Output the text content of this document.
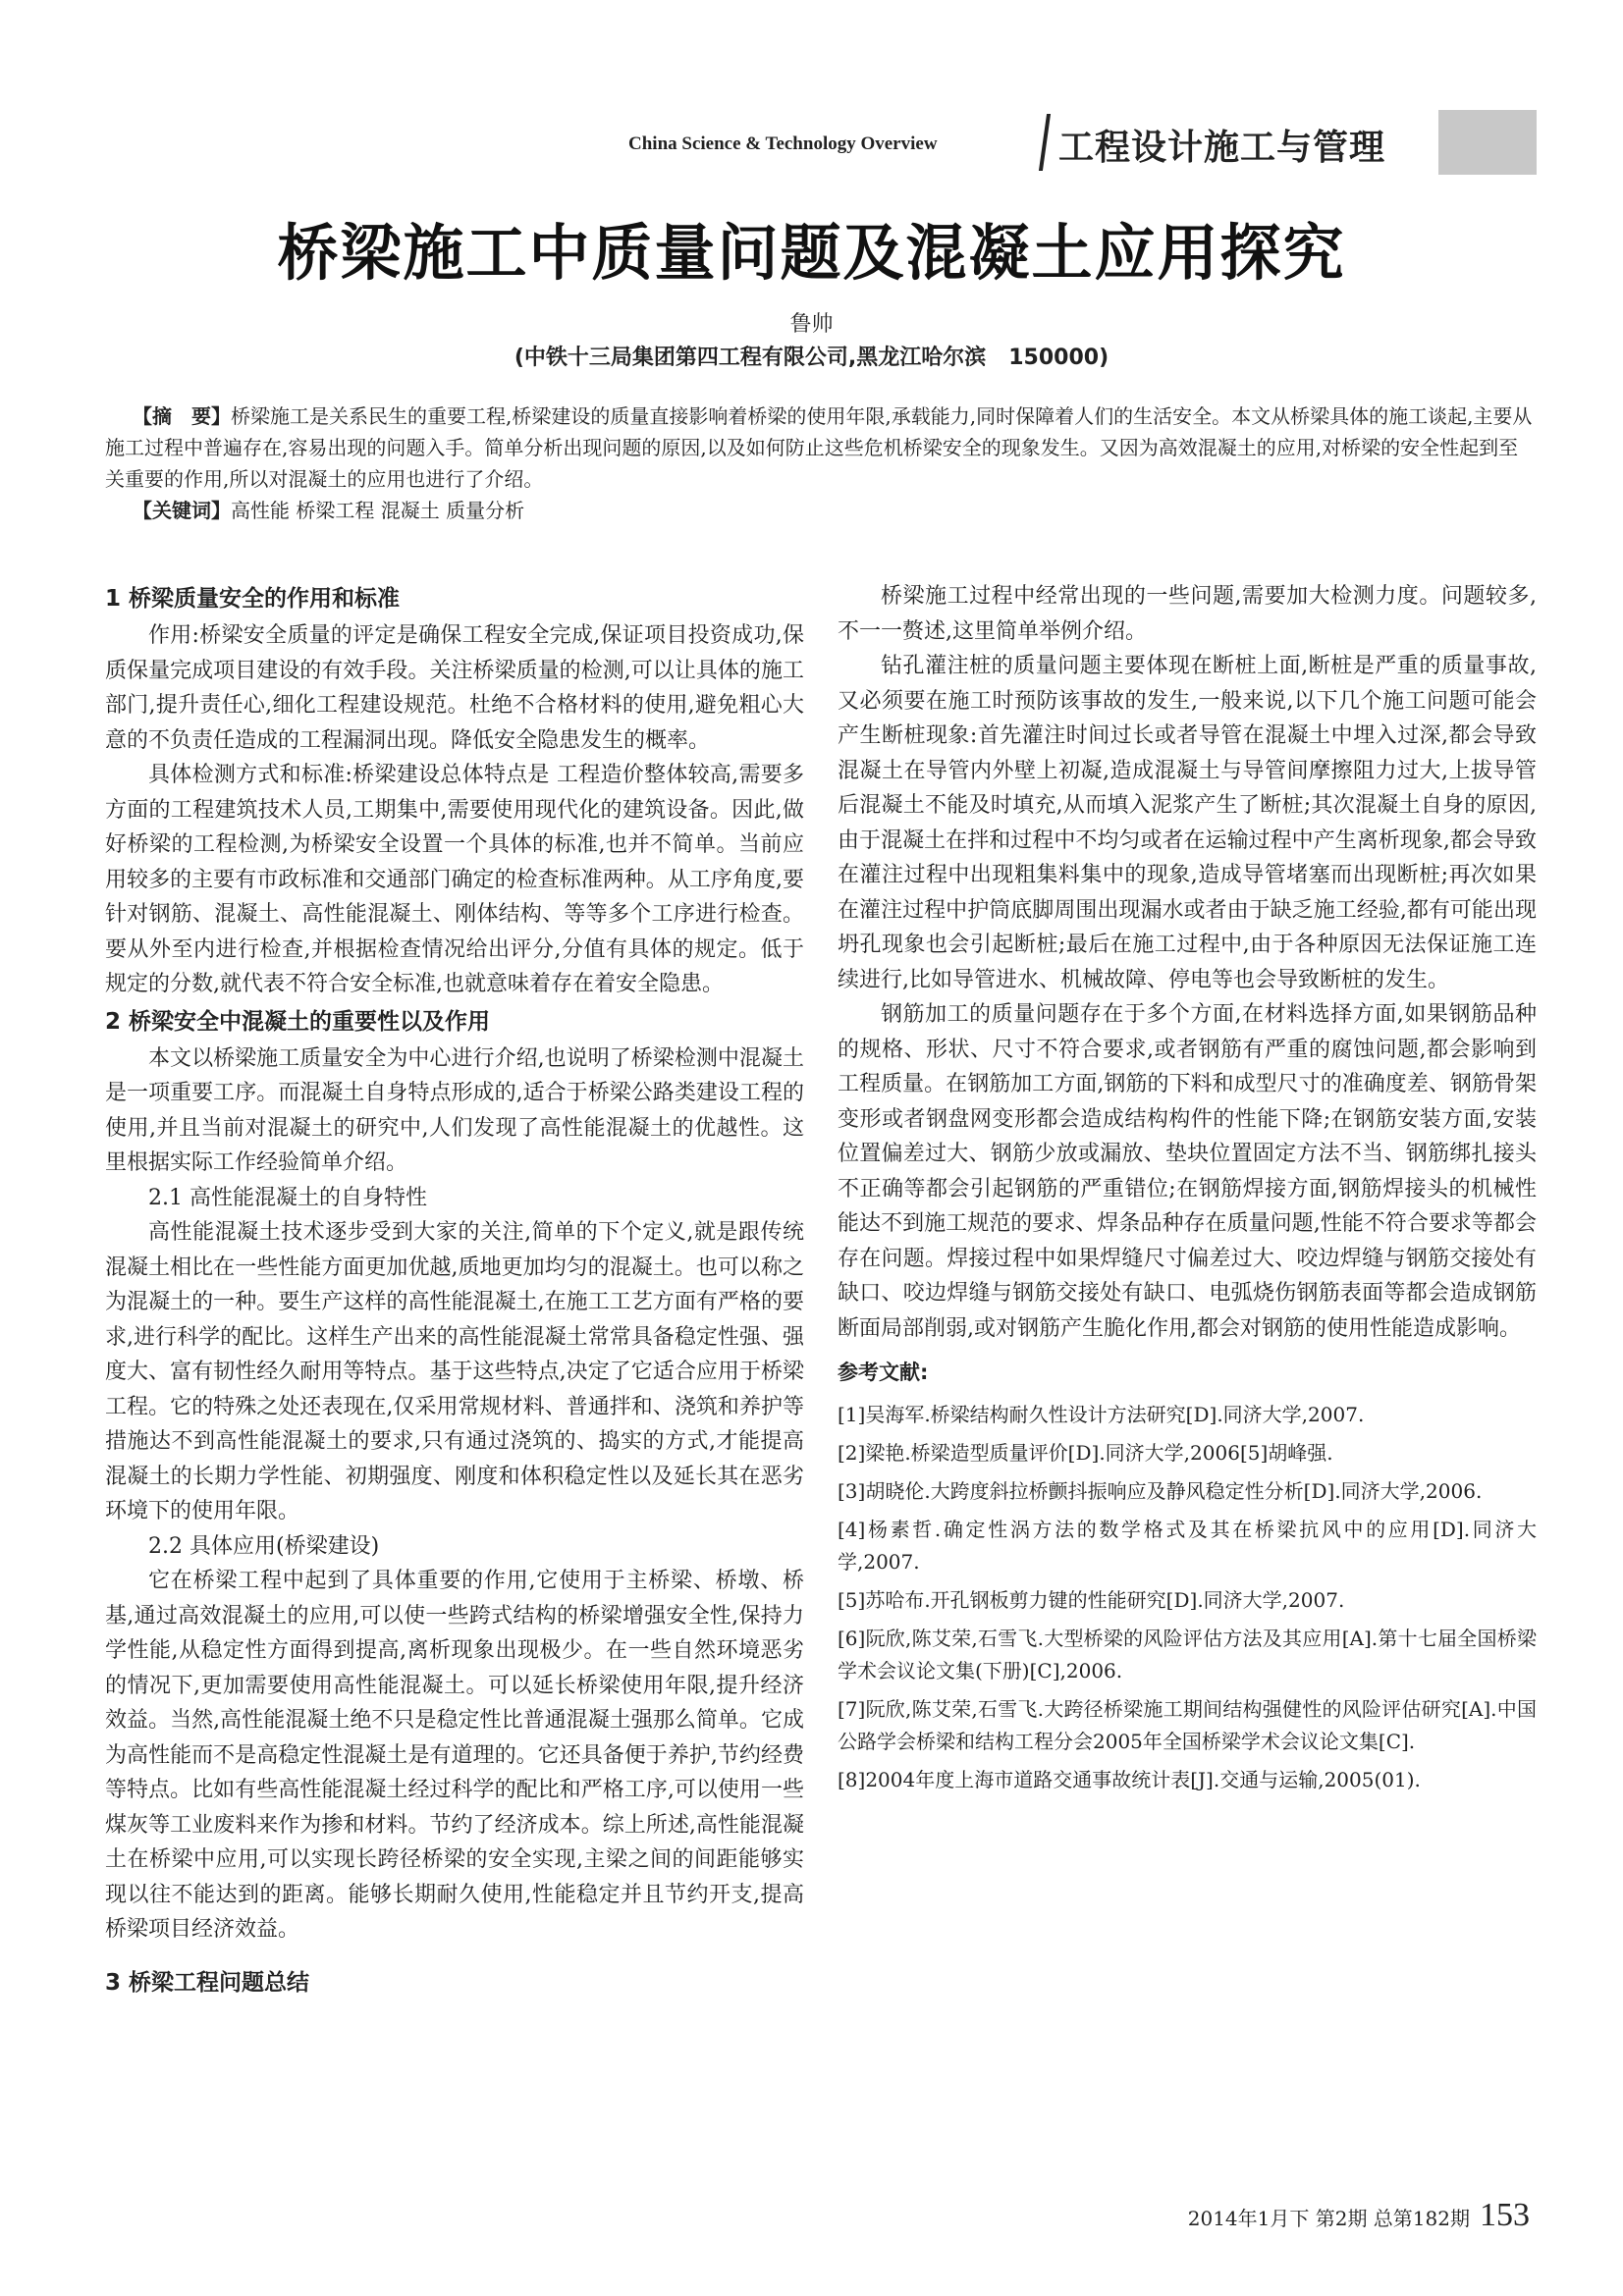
China Science & Technology Overview	工程设计施工与管理
桥梁施工中质量问题及混凝土应用探究
鲁帅
(中铁十三局集团第四工程有限公司,黑龙江哈尔滨   150000)

【摘　要】桥梁施工是关系民生的重要工程,桥梁建设的质量直接影响着桥梁的使用年限,承载能力,同时保障着人们的生活安全。本文从桥梁具体的施工谈起,主要从施工过程中普遍存在,容易出现的问题入手。简单分析出现问题的原因,以及如何防止这些危机桥梁安全的现象发生。又因为高效混凝土的应用,对桥梁的安全性起到至关重要的作用,所以对混凝土的应用也进行了介绍。

【关键词】高性能 桥梁工程 混凝土 质量分析

1 桥梁质量安全的作用和标准

作用:桥梁安全质量的评定是确保工程安全完成,保证项目投资成功,保质保量完成项目建设的有效手段。关注桥梁质量的检测,可以让具体的施工部门,提升责任心,细化工程建设规范。杜绝不合格材料的使用,避免粗心大意的不负责任造成的工程漏洞出现。降低安全隐患发生的概率。

具体检测方式和标准:桥梁建设总体特点是 工程造价整体较高,需要多方面的工程建筑技术人员,工期集中,需要使用现代化的建筑设备。因此,做好桥梁的工程检测,为桥梁安全设置一个具体的标准,也并不简单。当前应用较多的主要有市政标准和交通部门确定的检查标准两种。从工序角度,要针对钢筋、混凝土、高性能混凝土、刚体结构、等等多个工序进行检查。要从外至内进行检查,并根据检查情况给出评分,分值有具体的规定。低于规定的分数,就代表不符合安全标准,也就意味着存在着安全隐患。

2 桥梁安全中混凝土的重要性以及作用

本文以桥梁施工质量安全为中心进行介绍,也说明了桥梁检测中混凝土是一项重要工序。而混凝土自身特点形成的,适合于桥梁公路类建设工程的使用,并且当前对混凝土的研究中,人们发现了高性能混凝土的优越性。这里根据实际工作经验简单介绍。

2.1 高性能混凝土的自身特性

高性能混凝土技术逐步受到大家的关注,简单的下个定义,就是跟传统混凝土相比在一些性能方面更加优越,质地更加均匀的混凝土。也可以称之为混凝土的一种。要生产这样的高性能混凝土,在施工工艺方面有严格的要求,进行科学的配比。这样生产出来的高性能混凝土常常具备稳定性强、强度大、富有韧性经久耐用等特点。基于这些特点,决定了它适合应用于桥梁工程。它的特殊之处还表现在,仅采用常规材料、普通拌和、浇筑和养护等措施达不到高性能混凝土的要求,只有通过浇筑的、捣实的方式,才能提高混凝土的长期力学性能、初期强度、刚度和体积稳定性以及延长其在恶劣环境下的使用年限。

2.2 具体应用(桥梁建设)

它在桥梁工程中起到了具体重要的作用,它使用于主桥梁、桥墩、桥基,通过高效混凝土的应用,可以使一些跨式结构的桥梁增强安全性,保持力学性能,从稳定性方面得到提高,离析现象出现极少。在一些自然环境恶劣的情况下,更加需要使用高性能混凝土。可以延长桥梁使用年限,提升经济效益。当然,高性能混凝土绝不只是稳定性比普通混凝土强那么简单。它成为高性能而不是高稳定性混凝土是有道理的。它还具备便于养护,节约经费等特点。比如有些高性能混凝土经过科学的配比和严格工序,可以使用一些煤灰等工业废料来作为掺和材料。节约了经济成本。综上所述,高性能混凝土在桥梁中应用,可以实现长跨径桥梁的安全实现,主梁之间的间距能够实现以往不能达到的距离。能够长期耐久使用,性能稳定并且节约开支,提高桥梁项目经济效益。

3 桥梁工程问题总结

桥梁施工过程中经常出现的一些问题,需要加大检测力度。问题较多,不一一赘述,这里简单举例介绍。

钻孔灌注桩的质量问题主要体现在断桩上面,断桩是严重的质量事故,又必须要在施工时预防该事故的发生,一般来说,以下几个施工问题可能会产生断桩现象:首先灌注时间过长或者导管在混凝土中埋入过深,都会导致混凝土在导管内外壁上初凝,造成混凝土与导管间摩擦阻力过大,上拔导管后混凝土不能及时填充,从而填入泥浆产生了断桩;其次混凝土自身的原因,由于混凝土在拌和过程中不均匀或者在运输过程中产生离析现象,都会导致在灌注过程中出现粗集料集中的现象,造成导管堵塞而出现断桩;再次如果在灌注过程中护筒底脚周围出现漏水或者由于缺乏施工经验,都有可能出现坍孔现象也会引起断桩;最后在施工过程中,由于各种原因无法保证施工连续进行,比如导管进水、机械故障、停电等也会导致断桩的发生。

钢筋加工的质量问题存在于多个方面,在材料选择方面,如果钢筋品种的规格、形状、尺寸不符合要求,或者钢筋有严重的腐蚀问题,都会影响到工程质量。在钢筋加工方面,钢筋的下料和成型尺寸的准确度差、钢筋骨架变形或者钢盘网变形都会造成结构构件的性能下降;在钢筋安装方面,安装位置偏差过大、钢筋少放或漏放、垫块位置固定方法不当、钢筋绑扎接头不正确等都会引起钢筋的严重错位;在钢筋焊接方面,钢筋焊接头的机械性能达不到施工规范的要求、焊条品种存在质量问题,性能不符合要求等都会存在问题。焊接过程中如果焊缝尺寸偏差过大、咬边焊缝与钢筋交接处有缺口、咬边焊缝与钢筋交接处有缺口、电弧烧伤钢筋表面等都会造成钢筋断面局部削弱,或对钢筋产生脆化作用,都会对钢筋的使用性能造成影响。

参考文献:
[1]吴海军.桥梁结构耐久性设计方法研究[D].同济大学,2007.
[2]梁艳.桥梁造型质量评价[D].同济大学,2006[5]胡峰强.
[3]胡晓伦.大跨度斜拉桥颤抖振响应及静风稳定性分析[D].同济大学,2006.
[4]杨素哲.确定性涡方法的数学格式及其在桥梁抗风中的应用[D].同济大学,2007.
[5]苏哈布.开孔钢板剪力键的性能研究[D].同济大学,2007.
[6]阮欣,陈艾荣,石雪飞.大型桥梁的风险评估方法及其应用[A].第十七届全国桥梁学术会议论文集(下册)[C],2006.
[7]阮欣,陈艾荣,石雪飞.大跨径桥梁施工期间结构强健性的风险评估研究[A].中国公路学会桥梁和结构工程分会2005年全国桥梁学术会议论文集[C].
[8]2004年度上海市道路交通事故统计表[J].交通与运输,2005(01).
2014年1月下 第2期 总第182期 153
